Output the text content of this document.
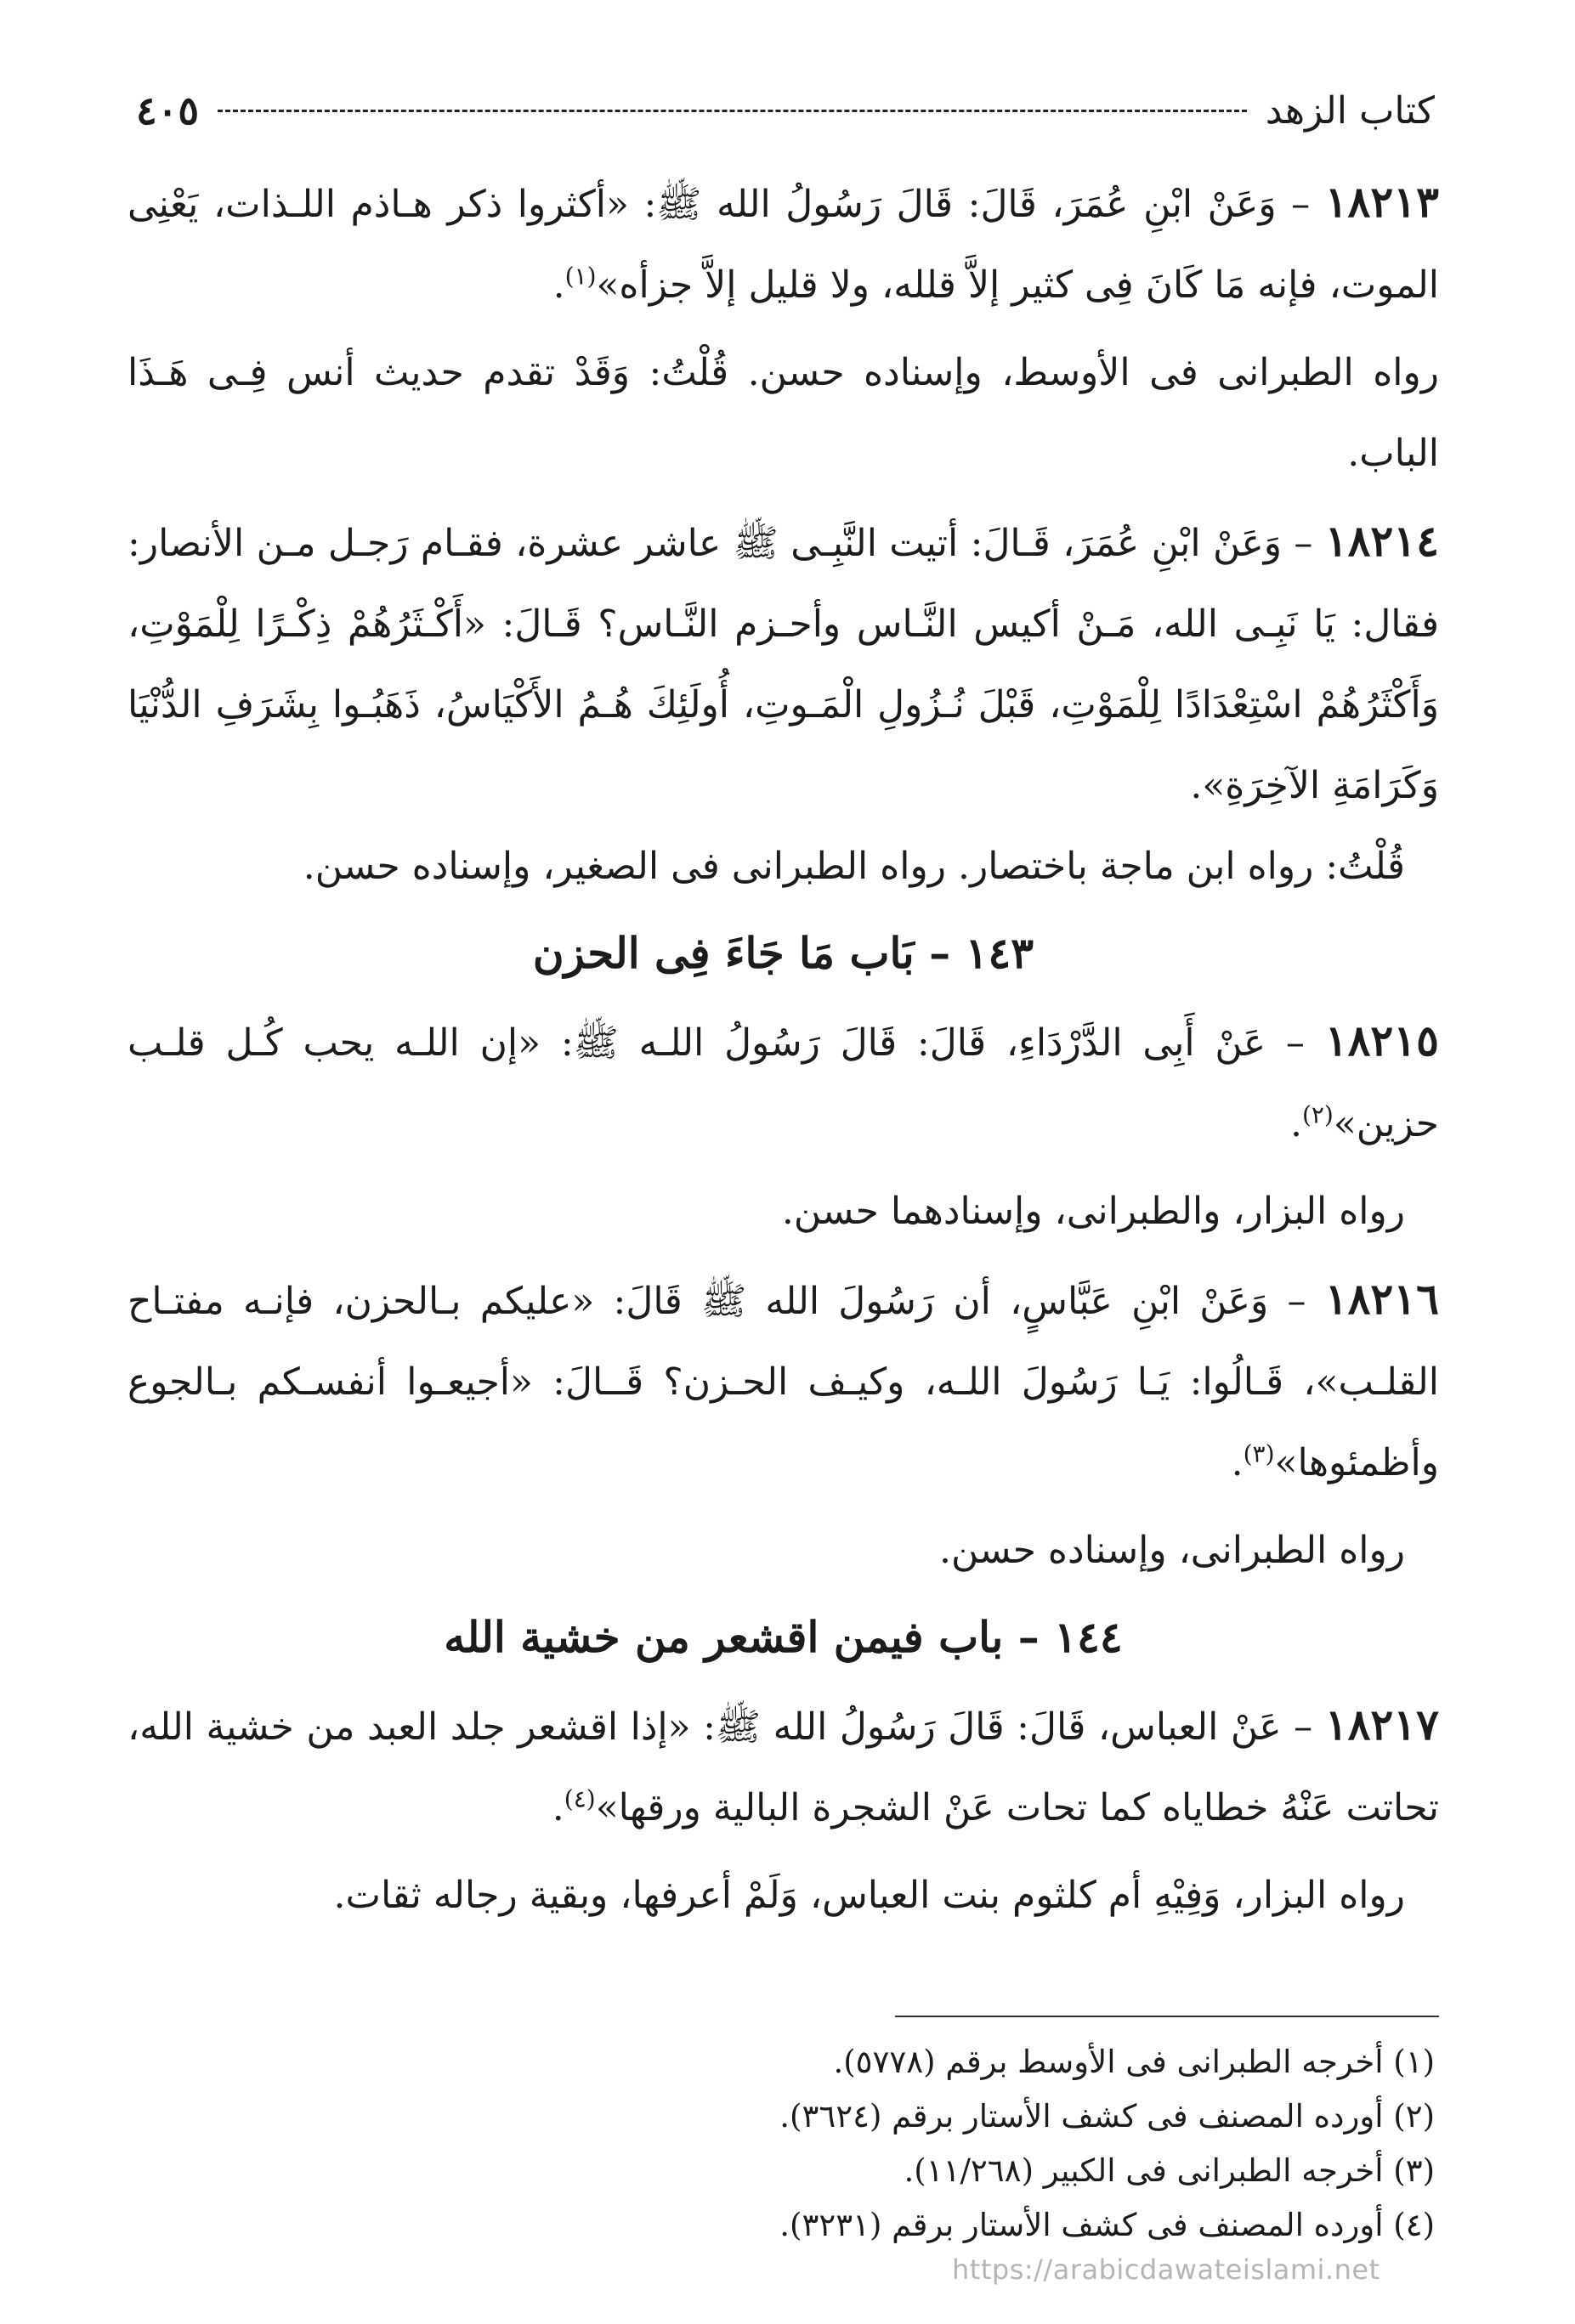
كتاب الزهد
٤٠٥

١٨٢١٣ – وَعَنْ ابْنِ عُمَرَ، قَالَ: قَالَ رَسُولُ الله ﷺ: «أكثروا ذكر هـاذم اللـذات، يَعْنِى الموت، فإنه مَا كَانَ فِى كثير إلاَّ قلله، ولا قليل إلاَّ جزأه»$^{(١)}$.

رواه الطبرانى فى الأوسط، وإسناده حسن. قُلْتُ: وَقَدْ تقدم حديث أنس فِـى هَـذَا الباب.

١٨٢١٤ – وَعَنْ ابْنِ عُمَرَ، قَـالَ: أتيت النَّبِـى ﷺ عاشر عشرة، فقـام رَجـل مـن الأنصار: فقال: يَا نَبِـى الله، مَـنْ أكيس النَّـاس وأحـزم النَّـاس؟ قَـالَ: «أَكْـثَرُهُمْ ذِكْـرًا لِلْمَوْتِ، وَأَكْثَرُهُمْ اسْتِعْدَادًا لِلْمَوْتِ، قَبْلَ نُـزُولِ الْمَـوتِ، أُولَئِكَ هُـمُ الأَكْيَاسُ، ذَهَبُـوا بِشَرَفِ الدُّنْيَا وَكَرَامَةِ الآخِرَةِ».

قُلْتُ: رواه ابن ماجة باختصار. رواه الطبرانى فى الصغير، وإسناده حسن.

١٤٣ – بَاب مَا جَاءَ فِى الحزن

١٨٢١٥ – عَنْ أَبِى الدَّرْدَاءِ، قَالَ: قَالَ رَسُولُ اللـه ﷺ: «إن اللـه يحب كُـل قلـب حزين»$^{(٢)}$.

رواه البزار، والطبرانى، وإسنادهما حسن.

١٨٢١٦ – وَعَنْ ابْنِ عَبَّاسٍ، أن رَسُولَ الله ﷺ قَالَ: «عليكم بـالحزن، فإنـه مفتـاح القلـب»، قَـالُوا: يَـا رَسُولَ اللـه، وكيـف الحـزن؟ قَــالَ: «أجيعـوا أنفسـكم بـالجوع وأظمئوها»$^{(٣)}$.

رواه الطبرانى، وإسناده حسن.

١٤٤ – باب فيمن اقشعر من خشية الله

١٨٢١٧ – عَنْ العباس، قَالَ: قَالَ رَسُولُ الله ﷺ: «إذا اقشعر جلد العبد من خشية الله، تحاتت عَنْهُ خطاياه كما تحات عَنْ الشجرة البالية ورقها»$^{(٤)}$.

رواه البزار، وَفِيْهِ أم كلثوم بنت العباس، وَلَمْ أعرفها، وبقية رجاله ثقات.

(١) أخرجه الطبرانى فى الأوسط برقم (٥٧٧٨).

(٢) أورده المصنف فى كشف الأستار برقم (٣٦٢٤).

(٣) أخرجه الطبرانى فى الكبير (١١/٢٦٨).

(٤) أورده المصنف فى كشف الأستار برقم (٣٢٣١).

https://arabicdawateislami.net
